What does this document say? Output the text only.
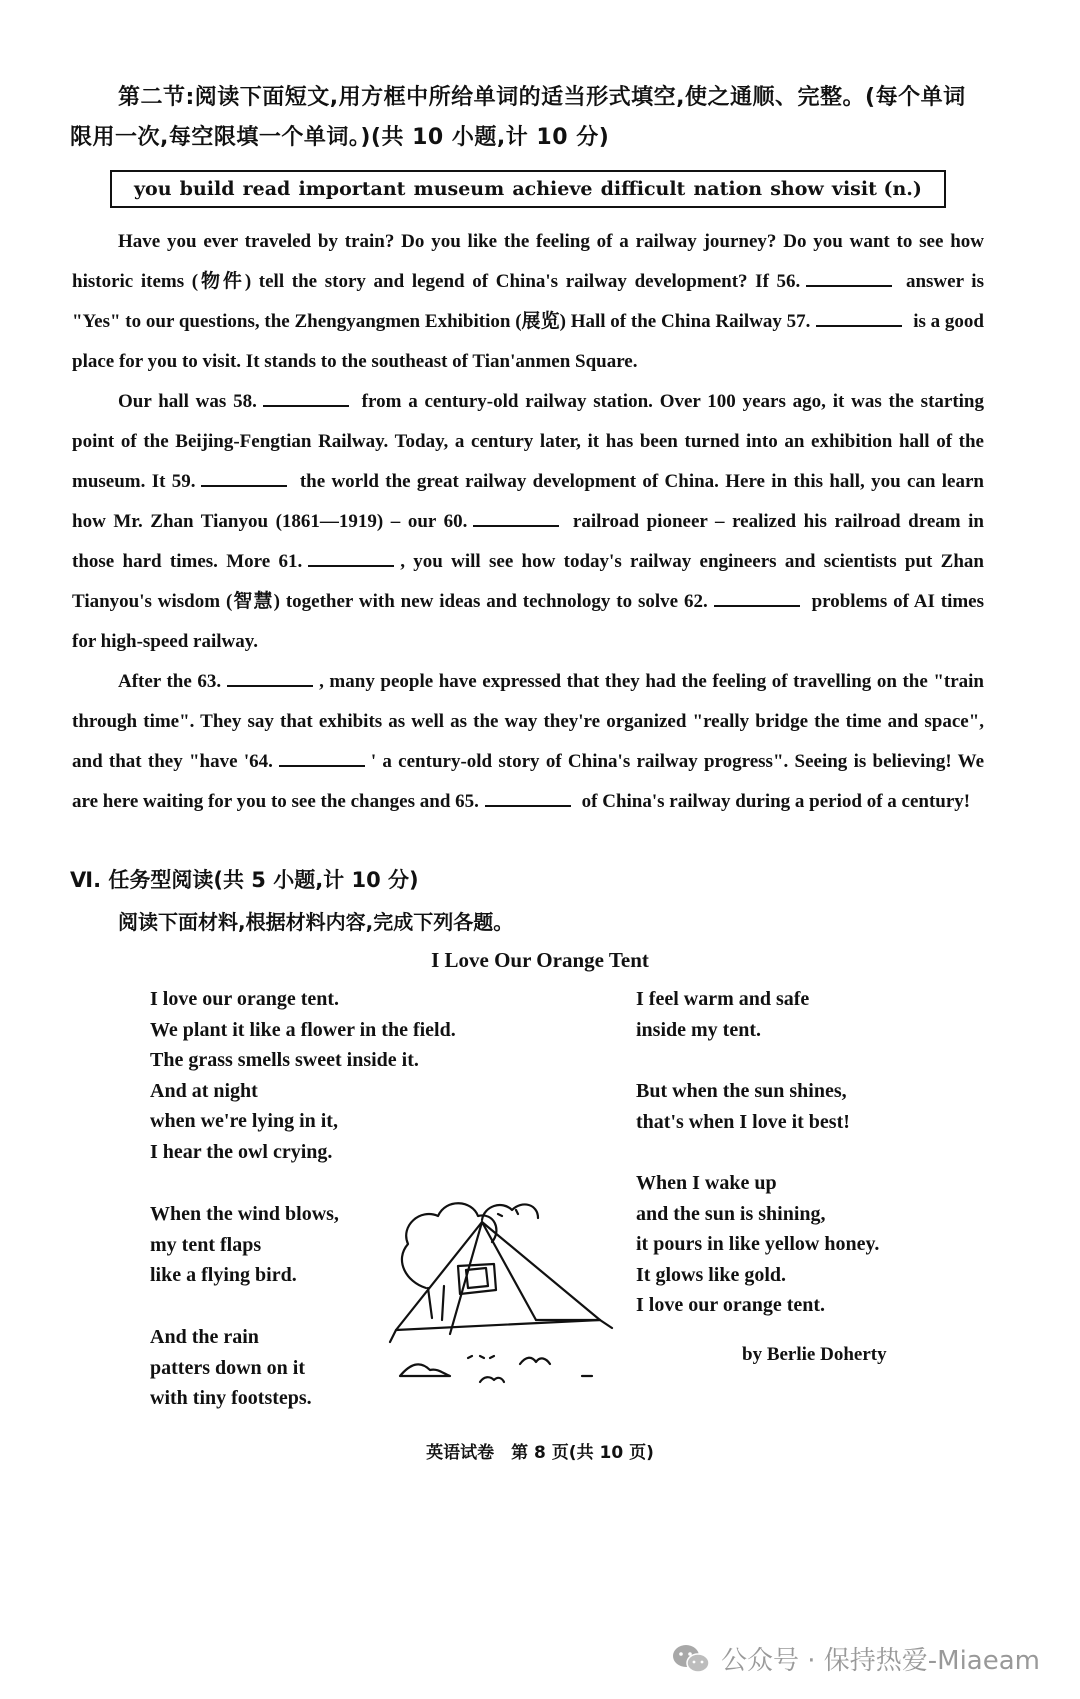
第二节:阅读下面短文,用方框中所给单词的适当形式填空,使之通顺、完整。(每个单词
限用一次,每空限填一个单词。)(共 10 小题,计 10 分)
you build read important museum achieve difficult nation show visit (n.)

Have you ever traveled by train? Do you like the feeling of a railway journey? Do you want to see how historic items (物件) tell the story and legend of China's railway development? If 56.	answer is "Yes" to our questions, the Zhengyangmen Exhibition (展览) Hall of the China Railway 57.	is a good place for you to visit. It stands to the southeast of Tian'anmen Square.

Our hall was 58.	from a century-old railway station. Over 100 years ago, it was the starting point of the Beijing-Fengtian Railway. Today, a century later, it has been turned into an exhibition hall of the museum. It 59.	the world the great railway development of China. Here in this hall, you can learn how Mr. Zhan Tianyou (1861—1919) – our 60.	railroad pioneer – realized his railroad dream in those hard times. More 61.	, you will see how today's railway engineers and scientists put Zhan Tianyou's wisdom (智慧) together with new ideas and technology to solve 62.	problems of AI times for high-speed railway.

After the 63.	, many people have expressed that they had the feeling of travelling on the "train through time". They say that exhibits as well as the way they're organized "really bridge the time and space", and that they "have '64.	' a century-old story of China's railway progress". Seeing is believing! We are here waiting for you to see the changes and 65.	of China's railway during a period of a century!

Ⅵ. 任务型阅读(共 5 小题,计 10 分)
阅读下面材料,根据材料内容,完成下列各题。
I Love Our Orange Tent
I love our orange tent.
We plant it like a flower in the field.
The grass smells sweet inside it.
And at night
when we're lying in it,
I hear the owl crying.
When the wind blows,
my tent flaps
like a flying bird.
And the rain
patters down on it
with tiny footsteps.
I feel warm and safe
inside my tent.
But when the sun shines,
that's when I love it best!
When I wake up
and the sun is shining,
it pours in like yellow honey.
It glows like gold.
I love our orange tent.
by Berlie Doherty
英语试卷　第 8 页(共 10 页)
公众号 · 保持热爱-Miaeam
